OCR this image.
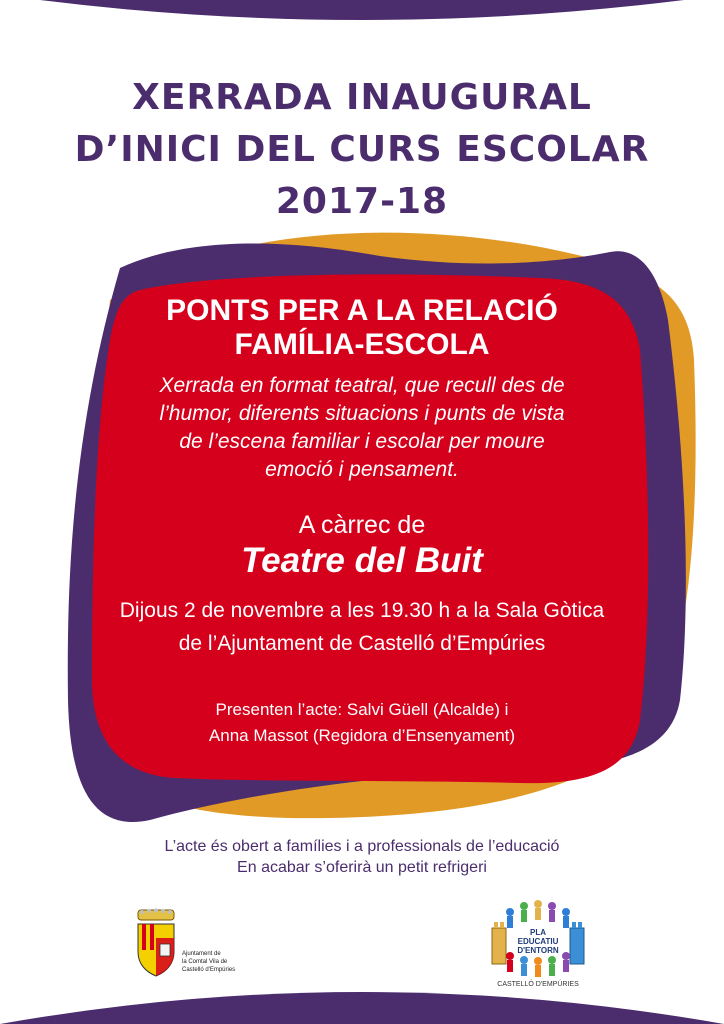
XERRADA INAUGURAL
D’INICI DEL CURS ESCOLAR
2017-18
PONTS PER A LA RELACIÓ
FAMÍLIA-ESCOLA
Xerrada en format teatral, que recull des de
l’humor, diferents situacions i punts de vista
de l’escena familiar i escolar per moure
emoció i pensament.
A càrrec de
Teatre del Buit
Dijous 2 de novembre a les 19.30 h a la Sala Gòtica
de l’Ajuntament de Castelló d’Empúries
Presenten l’acte: Salvi Güell (Alcalde) i
Anna Massot (Regidora d’Ensenyament)
L’acte és obert a famílies i a professionals de l’educació
En acabar s’oferirà un petit refrigeri
Ajuntament de
la Comtal Vila de
Castelló d'Empúries
PLA
EDUCATIU
D'ENTORN
CASTELLÓ D'EMPÚRIES
